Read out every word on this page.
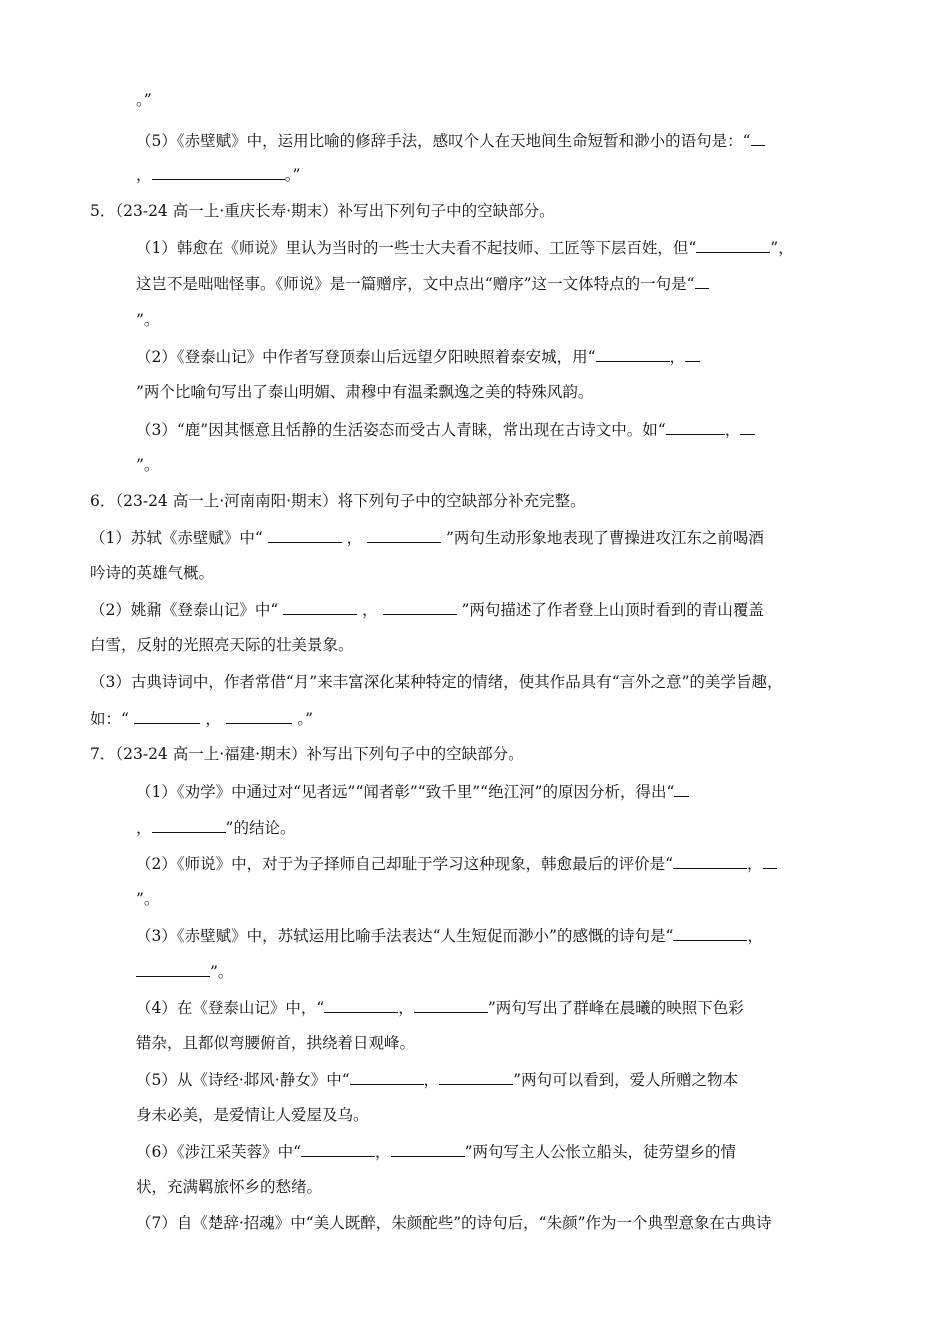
。”
（5）《赤壁赋》中，运用比喻的修辞手法，感叹个人在天地间生命短暂和渺小的语句是：“
，	。”
5．（23-24 高一上·重庆长寿·期末）补写出下列句子中的空缺部分。
（1）韩愈在《师说》里认为当时的一些士大夫看不起技师、工匠等下层百姓，但“	”，
这岂不是咄咄怪事。《师说》是一篇赠序，文中点出“赠序”这一文体特点的一句是“
”。
（2）《登泰山记》中作者写登顶泰山后远望夕阳映照着泰安城，用“	，
”两个比喻句写出了泰山明媚、肃穆中有温柔飘逸之美的特殊风韵。
（3）“鹿”因其惬意且恬静的生活姿态而受古人青睐，常出现在古诗文中。如“	，
”。
6．（23-24 高一上·河南南阳·期末）将下列句子中的空缺部分补充完整。
（1）苏轼《赤壁赋》中“	，	”两句生动形象地表现了曹操进攻江东之前喝酒
吟诗的英雄气概。
（2）姚鼐《登泰山记》中“	，	”两句描述了作者登上山顶时看到的青山覆盖
白雪，反射的光照亮天际的壮美景象。
（3）古典诗词中，作者常借“月”来丰富深化某种特定的情绪，使其作品具有“言外之意”的美学旨趣，
如：“	，	。”
7．（23-24 高一上·福建·期末）补写出下列句子中的空缺部分。
（1）《劝学》中通过对“见者远”“闻者彰”“致千里”“绝江河”的原因分析，得出“
，	”的结论。
（2）《师说》中，对于为子择师自己却耻于学习这种现象，韩愈最后的评价是“	，
”。
（3）《赤壁赋》中，苏轼运用比喻手法表达“人生短促而渺小”的感慨的诗句是“	，
”。
（4）在《登泰山记》中，“	，	”两句写出了群峰在晨曦的映照下色彩
错杂，且都似弯腰俯首，拱绕着日观峰。
（5）从《诗经·邶风·静女》中“	，	”两句可以看到，爱人所赠之物本
身未必美，是爱情让人爱屋及乌。
（6）《涉江采芙蓉》中“	，	”两句写主人公怅立船头，徒劳望乡的情
状，充满羁旅怀乡的愁绪。
（7）自《楚辞·招魂》中“美人既醉，朱颜酡些”的诗句后，“朱颜”作为一个典型意象在古典诗
